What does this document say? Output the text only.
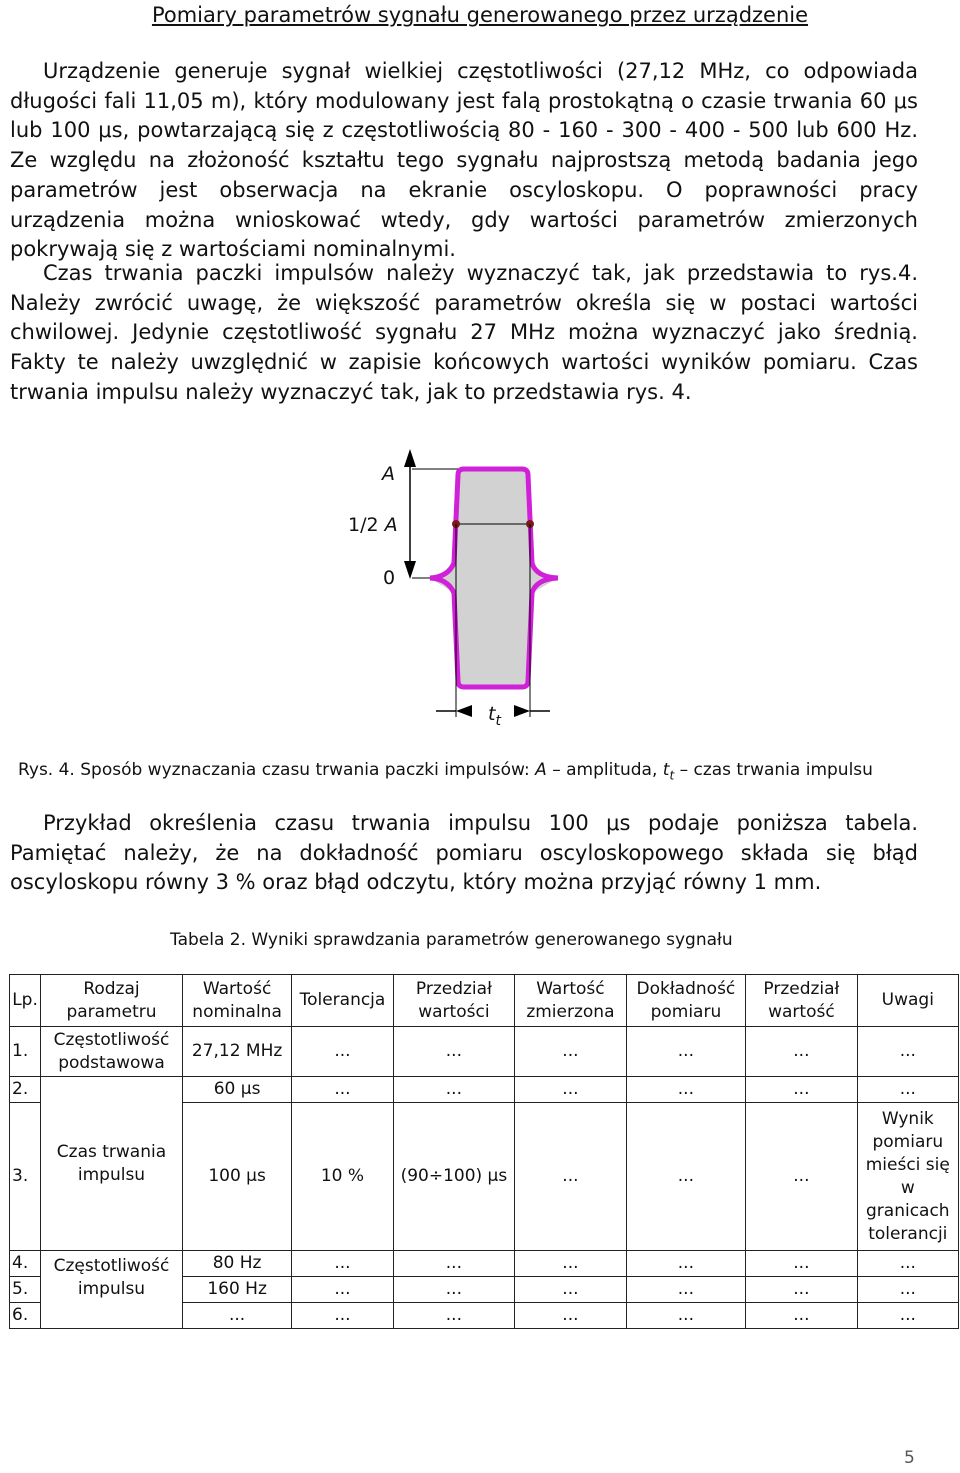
Pomiary parametrów sygnału generowanego przez urządzenie
Urządzenie generuje sygnał wielkiej częstotliwości (27,12 MHz, co odpowiada
długości fali 11,05 m), który modulowany jest falą prostokątną o czasie trwania 60 μs
lub 100 μs, powtarzającą się z częstotliwością 80 - 160 - 300 - 400 - 500 lub 600 Hz.
Ze względu na złożoność kształtu tego sygnału najprostszą metodą badania jego
parametrów jest obserwacja na ekranie oscyloskopu. O poprawności pracy
urządzenia można wnioskować wtedy, gdy wartości parametrów zmierzonych
pokrywają się z wartościami nominalnymi.
Czas trwania paczki impulsów należy wyznaczyć tak, jak przedstawia to rys.4.
Należy zwrócić uwagę, że większość parametrów określa się w postaci wartości
chwilowej. Jedynie częstotliwość sygnału 27 MHz można wyznaczyć jako średnią.
Fakty te należy uwzględnić w zapisie końcowych wartości wyników pomiaru. Czas
trwania impulsu należy wyznaczyć tak, jak to przedstawia rys. 4.
A
1/2 A
0
$t_t$
Rys. 4. Sposób wyznaczania czasu trwania paczki impulsów: A – amplituda, $t_t$ – czas trwania impulsu
Przykład określenia czasu trwania impulsu 100 μs podaje poniższa tabela.
Pamiętać należy, że na dokładność pomiaru oscyloskopowego składa się błąd
oscyloskopu równy 3 % oraz błąd odczytu, który można przyjąć równy 1 mm.
Tabela 2. Wyniki sprawdzania parametrów generowanego sygnału
Lp.	Rodzaj parametru	Wartość nominalna	Tolerancja	Przedział wartości	Wartość zmierzona	Dokładność pomiaru	Przedział wartość	Uwagi
1.	Częstotliwość podstawowa	27,12 MHz	...	...	...	...	...	...
2.	Czas trwania impulsu	60 μs	...	...	...	...	...	...
3.		100 μs	10 %	(90÷100) μs	...	...	...	Wynik pomiaru mieści się w granicach tolerancji
4.	Częstotliwość impulsu	80 Hz	...	...	...	...	...	...
5.		160 Hz	...	...	...	...	...	...
6.		...	...	...	...	...	...	...
5
